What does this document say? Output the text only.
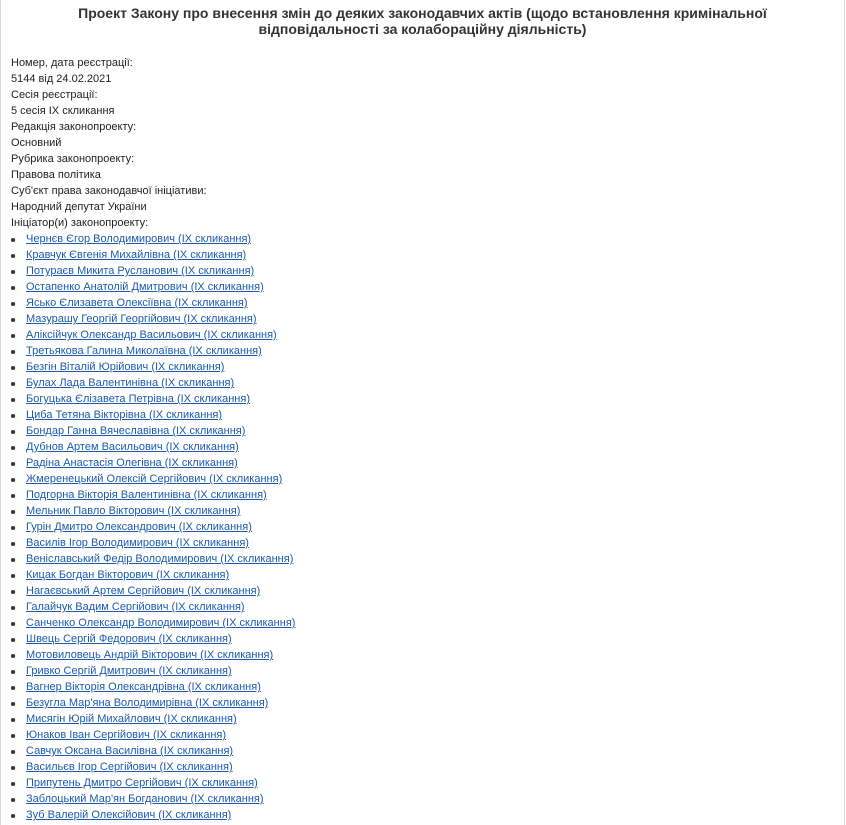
Проект Закону про внесення змін до деяких законодавчих актів (щодо встановлення кримінальної відповідальності за колабораційну діяльність)

Номер, дата реєстрації:

5144 від 24.02.2021

Сесія реєстрації:

5 сесія IX скликання

Редакція законопроекту:

Основний

Рубрика законопроекту:

Правова політика

Суб'єкт права законодавчої ініціативи:

Народний депутат України

Ініціатор(и) законопроекту:

Чернєв Єгор Володимирович (IX скликання)
Кравчук Євгенія Михайлівна (IX скликання)
Потураєв Микита Русланович (IX скликання)
Остапенко Анатолій Дмитрович (IX скликання)
Ясько Єлизавета Олексіївна (IX скликання)
Мазурашу Георгій Георгійович (IX скликання)
Аліксійчук Олександр Васильович (IX скликання)
Третьякова Галина Миколаївна (IX скликання)
Безгін Віталій Юрійович (IX скликання)
Булах Лада Валентинівна (IX скликання)
Богуцька Єлізавета Петрівна (IX скликання)
Циба Тетяна Вікторівна (IX скликання)
Бондар Ганна Вячеславівна (IX скликання)
Дубнов Артем Васильович (IX скликання)
Радіна Анастасія Олегівна (IX скликання)
Жмеренецький Олексій Сергійович (IX скликання)
Подгорна Вікторія Валентинівна (IX скликання)
Мельник Павло Вікторович (IX скликання)
Гурін Дмитро Олександрович (IX скликання)
Василів Ігор Володимирович (IX скликання)
Веніславський Федір Володимирович (IX скликання)
Кицак Богдан Вікторович (IX скликання)
Нагаєвський Артем Сергійович (IX скликання)
Галайчук Вадим Сергійович (IX скликання)
Санченко Олександр Володимирович (IX скликання)
Швець Сергій Федорович (IX скликання)
Мотовиловець Андрій Вікторович (IX скликання)
Гривко Сергій Дмитрович (IX скликання)
Вагнер Вікторія Олександрівна (IX скликання)
Безугла Мар'яна Володимирівна (IX скликання)
Мисягін Юрій Михайлович (IX скликання)
Юнаков Іван Сергійович (IX скликання)
Савчук Оксана Василівна (IX скликання)
Васильєв Ігор Сергійович (IX скликання)
Припутень Дмитро Сергійович (IX скликання)
Заблоцький Мар'ян Богданович (IX скликання)
Зуб Валерій Олексійович (IX скликання)
